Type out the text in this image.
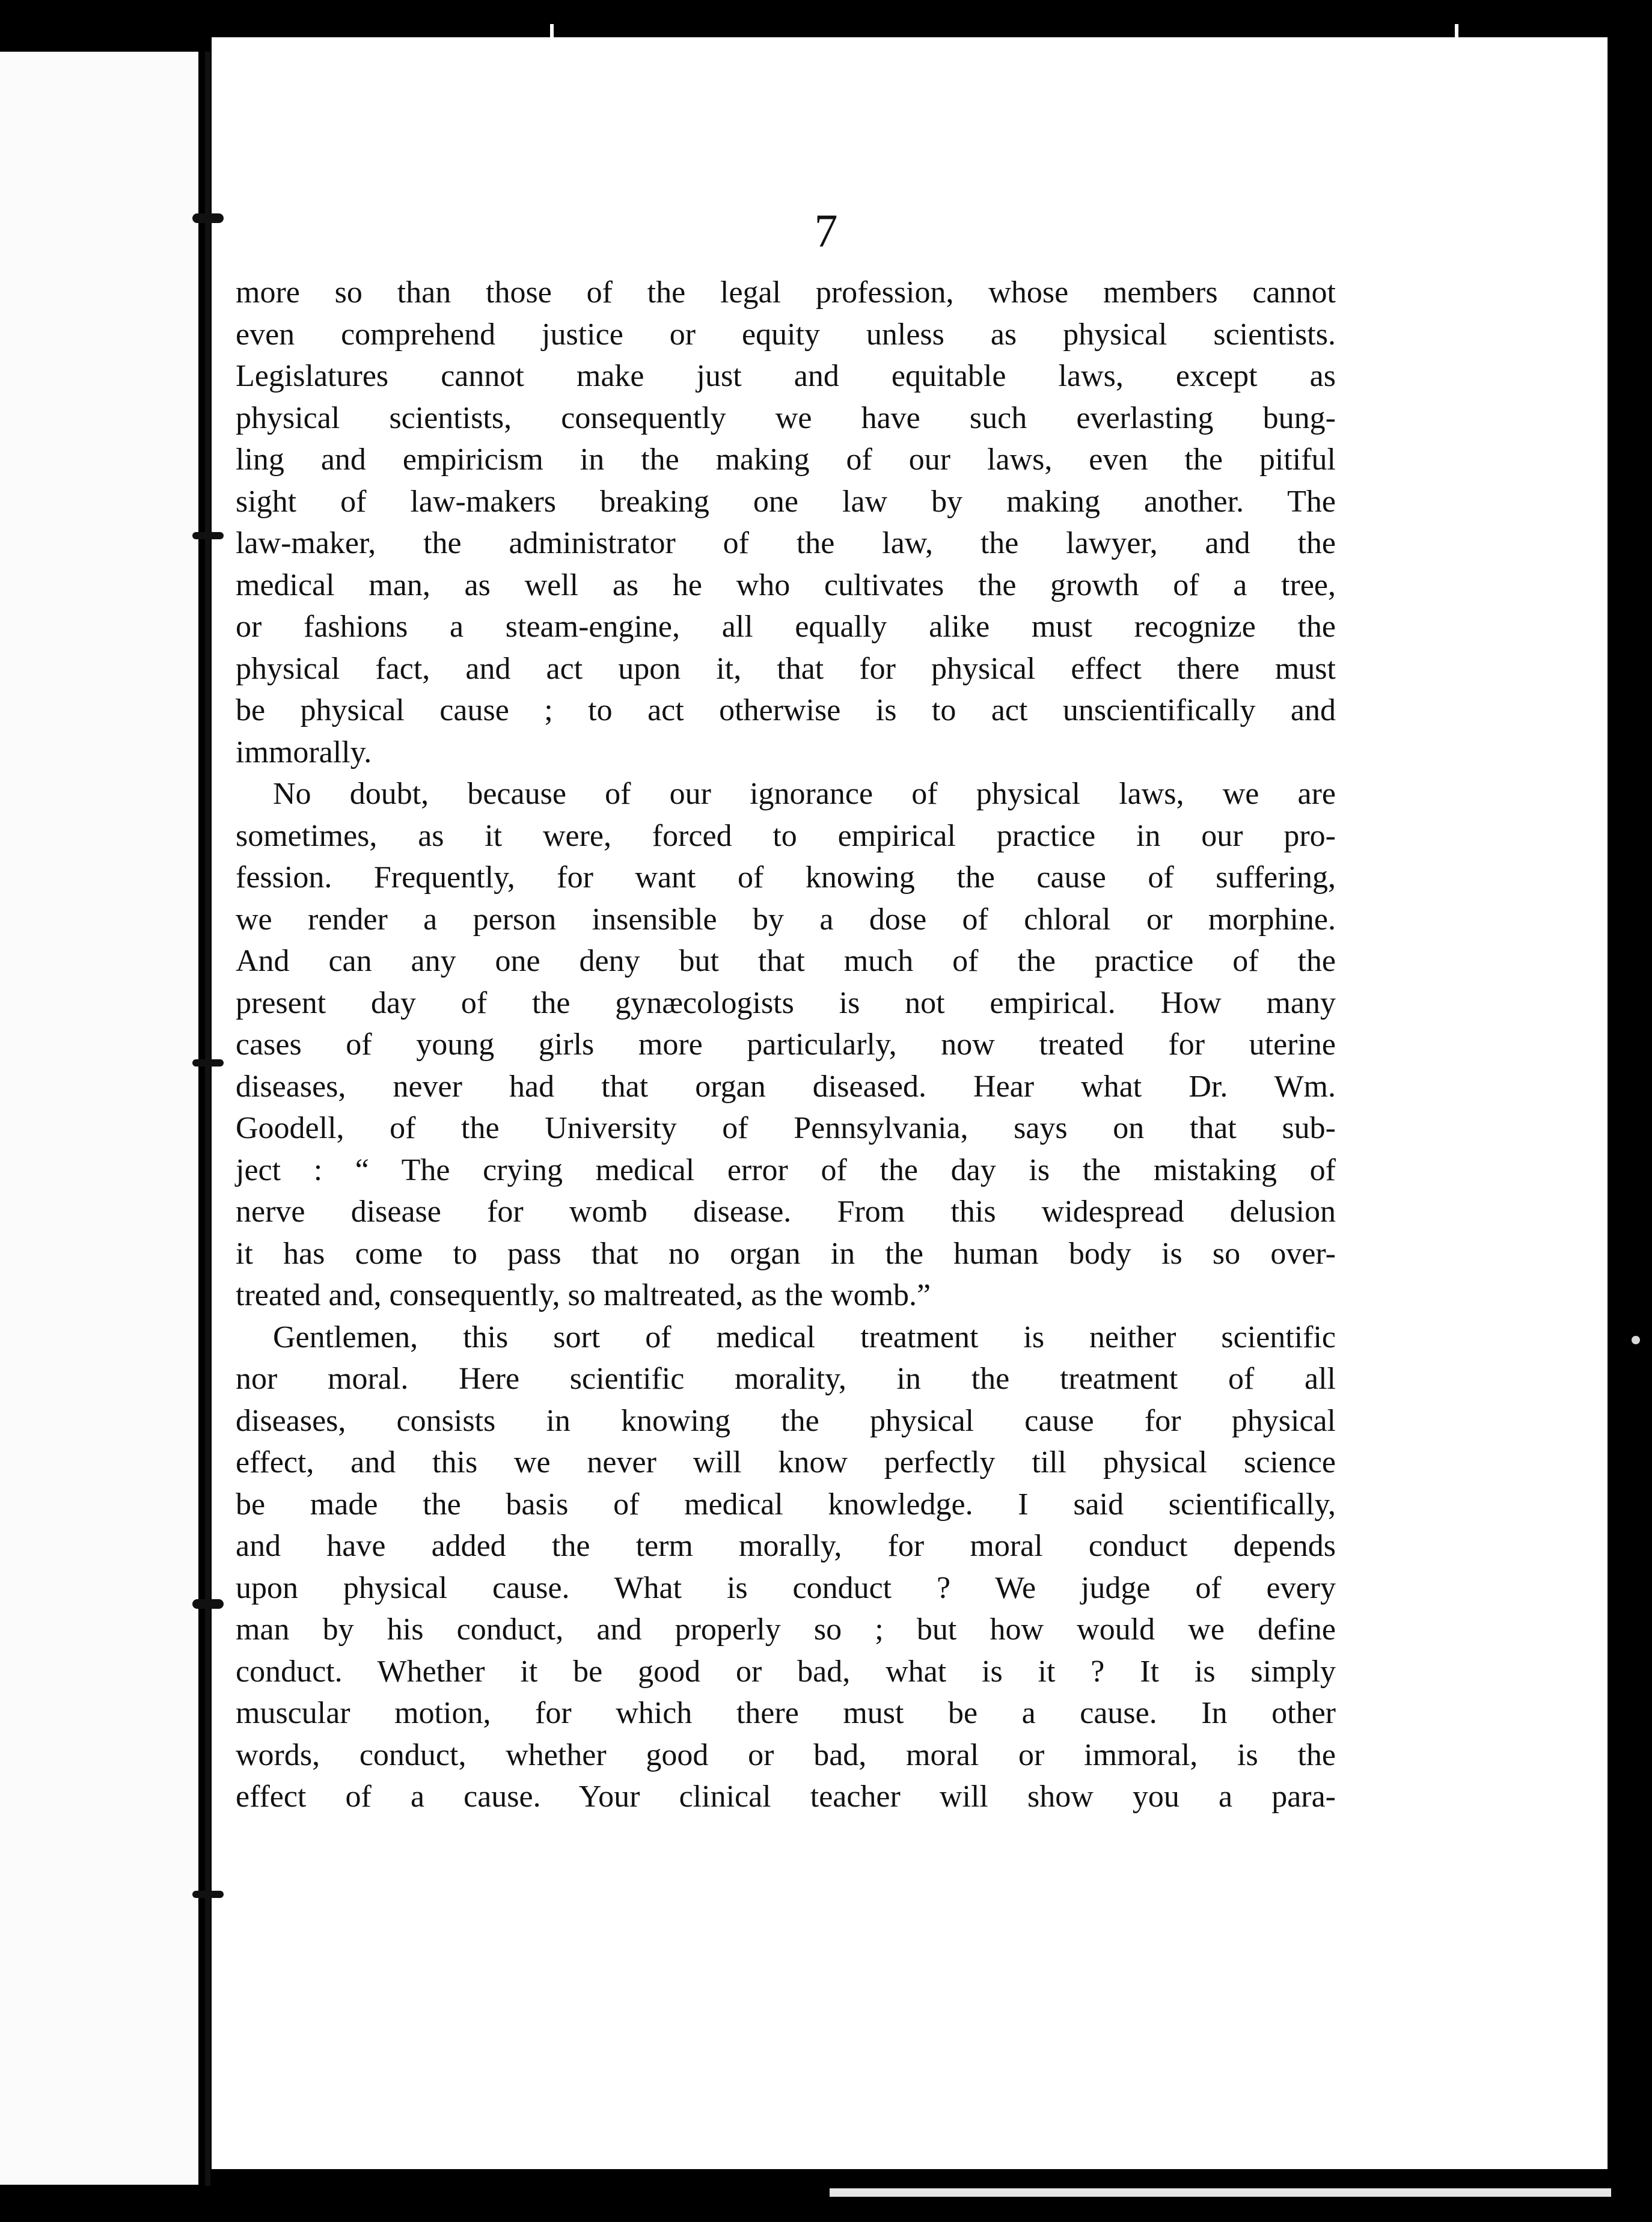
7
more so than those of the legal profession, whose members cannot
even comprehend justice or equity unless as physical scientists.
Legislatures cannot make just and equitable laws, except as
physical scientists, consequently we have such everlasting bung-
ling and empiricism in the making of our laws, even the pitiful
sight of law-makers breaking one law by making another. The
law-maker, the administrator of the law, the lawyer, and the
medical man, as well as he who cultivates the growth of a tree,
or fashions a steam-engine, all equally alike must recognize the
physical fact, and act upon it, that for physical effect there must
be physical cause ; to act otherwise is to act unscientifically and
immorally.
No doubt, because of our ignorance of physical laws, we are
sometimes, as it were, forced to empirical practice in our pro-
fession. Frequently, for want of knowing the cause of suffering,
we render a person insensible by a dose of chloral or morphine.
And can any one deny but that much of the practice of the
present day of the gynæcologists is not empirical. How many
cases of young girls more particularly, now treated for uterine
diseases, never had that organ diseased. Hear what Dr. Wm.
Goodell, of the University of Pennsylvania, says on that sub-
ject : “ The crying medical error of the day is the mistaking of
nerve disease for womb disease. From this widespread delusion
it has come to pass that no organ in the human body is so over-
treated and, consequently, so maltreated, as the womb.”
Gentlemen, this sort of medical treatment is neither scientific
nor moral. Here scientific morality, in the treatment of all
diseases, consists in knowing the physical cause for physical
effect, and this we never will know perfectly till physical science
be made the basis of medical knowledge. I said scientifically,
and have added the term morally, for moral conduct depends
upon physical cause. What is conduct ? We judge of every
man by his conduct, and properly so ; but how would we define
conduct. Whether it be good or bad, what is it ? It is simply
muscular motion, for which there must be a cause. In other
words, conduct, whether good or bad, moral or immoral, is the
effect of a cause. Your clinical teacher will show you a para-
